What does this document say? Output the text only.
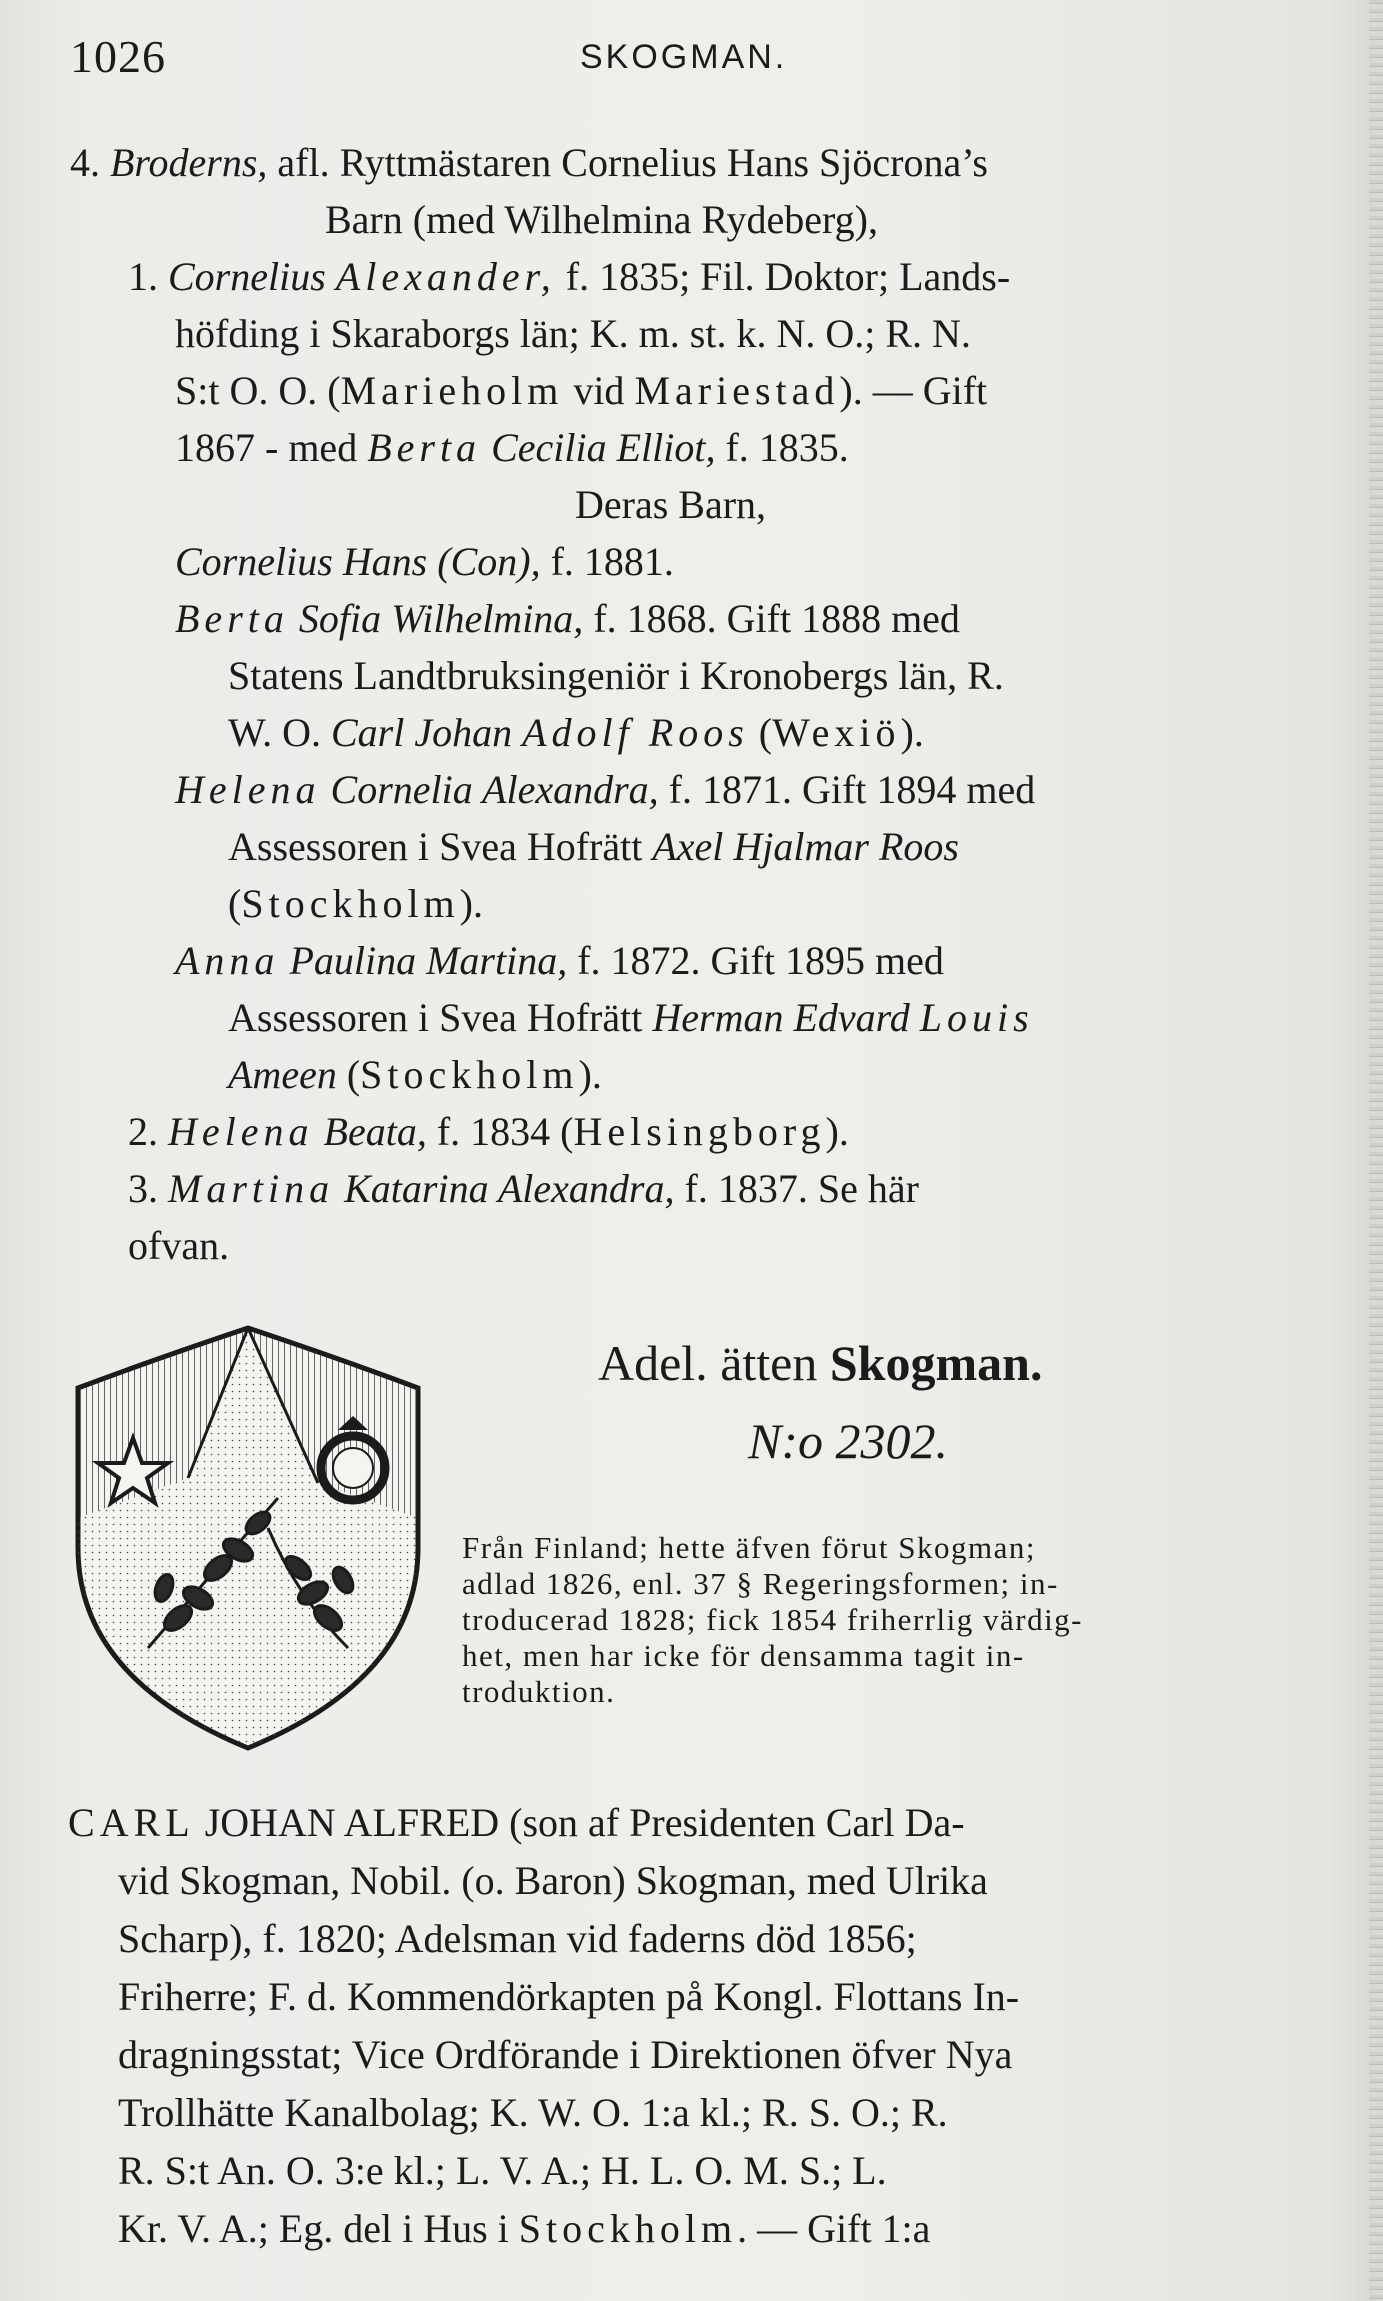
1026	SKOGMAN.
4. Broderns, afl. Ryttmästaren Cornelius Hans Sjöcrona’s
Barn (med Wilhelmina Rydeberg),
1. Cornelius Alexander, f. 1835; Fil. Doktor; Lands-
höfding i Skaraborgs län; K. m. st. k. N. O.; R. N.
S:t O. O. (Marieholm vid Mariestad). — Gift
1867 - med Berta Cecilia Elliot, f. 1835.
Deras Barn,
Cornelius Hans (Con), f. 1881.
Berta Sofia Wilhelmina, f. 1868. Gift 1888 med
Statens Landtbruksingeniör i Kronobergs län, R.
W. O. Carl Johan Adolf Roos (Wexiö).
Helena Cornelia Alexandra, f. 1871. Gift 1894 med
Assessoren i Svea Hofrätt Axel Hjalmar Roos
(Stockholm).
Anna Paulina Martina, f. 1872. Gift 1895 med
Assessoren i Svea Hofrätt Herman Edvard Louis
Ameen (Stockholm).
2. Helena Beata, f. 1834 (Helsingborg).
3. Martina Katarina Alexandra, f. 1837. Se här
ofvan.
Adel. ätten Skogman.
N:o 2302.
Från Finland; hette äfven förut Skogman;
adlad 1826, enl. 37 § Regeringsformen; in-
troducerad 1828; fick 1854 friherrlig värdig-
het, men har icke för densamma tagit in-
troduktion.
CARL JOHAN ALFRED (son af Presidenten Carl Da-
vid Skogman, Nobil. (o. Baron) Skogman, med Ulrika
Scharp), f. 1820; Adelsman vid faderns död 1856;
Friherre; F. d. Kommendörkapten på Kongl. Flottans In-
dragningsstat; Vice Ordförande i Direktionen öfver Nya
Trollhätte Kanalbolag; K. W. O. 1:a kl.; R. S. O.; R.
R. S:t An. O. 3:e kl.; L. V. A.; H. L. O. M. S.; L.
Kr. V. A.; Eg. del i Hus i Stockholm. — Gift 1:a
